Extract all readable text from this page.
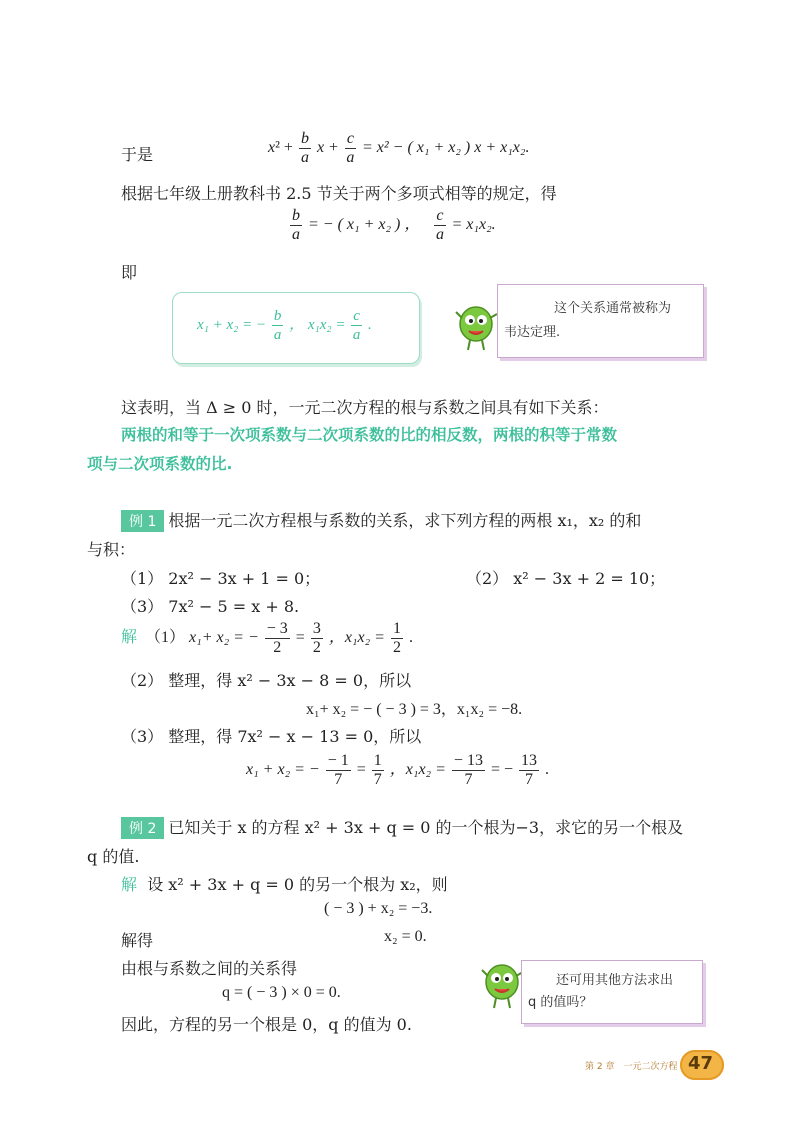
于是	$x^2 + \frac{b}{a}$ $x + \frac{c}{a} = x^2$ − ( x₁ + x₂ ) x + x₁x₂.
根据七年级上册教科书 2.5 节关于两个多项式相等的规定，得
$\frac{b}{a}$ = − ( x₁ + x₂ ) ， $\frac{c}{a} = x_1x_2$.
即
x₁ + x₂ = − $\frac{b}{a}$ ， $x_1x_2 = \frac{c}{a}$ .
这个关系通常被称为
韦达定理.
这表明，当 Δ ≥ 0 时，一元二次方程的根与系数之间具有如下关系：
两根的和等于一次项系数与二次项系数的比的相反数，两根的积等于常数
项与二次项系数的比.
例 1 根据一元二次方程根与系数的关系，求下列方程的两根 x₁，x₂ 的和
与积：
（1） 2x² − 3x + 1 = 0；	（2） x² − 3x + 2 = 10；
（3） 7x² − 5 = x + 8.
解 （1） x₁+ x₂ = − $\frac{- 3}{2} = \frac{3}{2}$ ，$x_1x_2 = \frac{1}{2}$ .
（2） 整理，得 x² − 3x − 8 = 0，所以
x₁+ x₂ = − ( − 3 ) = 3，x₁x₂ = −8.
（3） 整理，得 7x² − x − 13 = 0，所以
x₁ + x₂ = − $\frac{- 1}{7} = \frac{1}{7}$ ，$x_1x_2 = \frac{- 13}{7}$ = − $\frac{13}{7}$ .
例 2 已知关于 x 的方程 x² + 3x + q = 0 的一个根为−3，求它的另一个根及
q 的值.
解 设 x² + 3x + q = 0 的另一个根为 x₂，则
( − 3 ) + x₂ = −3.
解得	x₂ = 0.
由根与系数之间的关系得
q = ( − 3 ) × 0 = 0.
因此，方程的另一个根是 0，q 的值为 0.
还可用其他方法求出
q 的值吗？
第 2 章　一元二次方程 47
